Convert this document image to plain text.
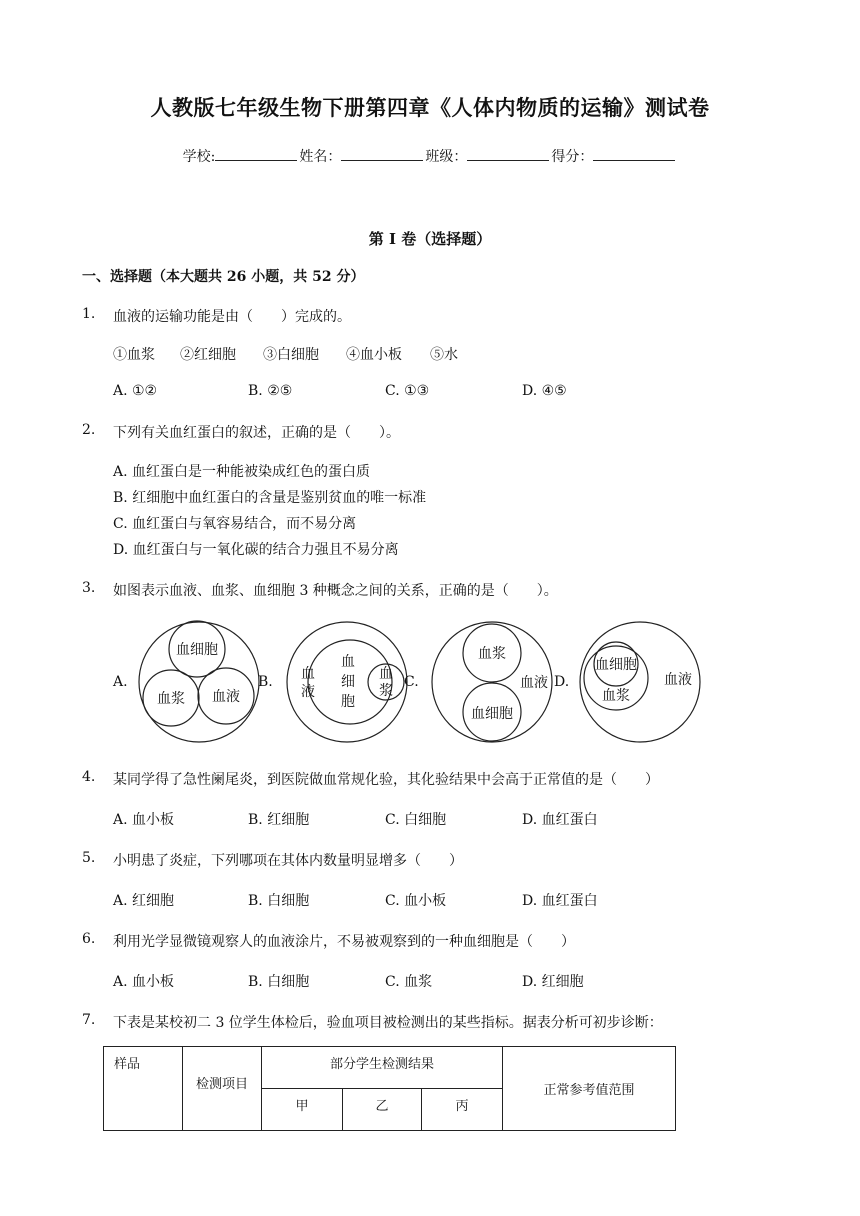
人教版七年级生物下册第四章《人体内物质的运输》测试卷
学校:	姓名：	班级：	得分：
第 I 卷（选择题）
一、选择题（本大题共 26 小题，共 52 分）
1. 血液的运输功能是由（　　）完成的。
①血浆 ②红细胞 ③白细胞 ④血小板 ⑤水
A. ①②	B. ②⑤	C. ①③	D. ④⑤
2. 下列有关血红蛋白的叙述，正确的是（　　）。
A. 血红蛋白是一种能被染成红色的蛋白质
B. 红细胞中血红蛋白的含量是鉴别贫血的唯一标准
C. 血红蛋白与氧容易结合，而不易分离
D. 血红蛋白与一氧化碳的结合力强且不易分离
3. 如图表示血液、血浆、血细胞 3 种概念之间的关系，正确的是（　　）。
A.
血细胞
血浆 血液
B. 血
液
血
细
胞
血
浆
C.
血浆
血液
血细胞
D.
血细胞
血浆
血液
4. 某同学得了急性阑尾炎，到医院做血常规化验，其化验结果中会高于正常值的是（　　）
A. 血小板	B. 红细胞	C. 白细胞	D. 血红蛋白
5. 小明患了炎症，下列哪项在其体内数量明显增多（　　）
A. 红细胞	B. 白细胞	C. 血小板	D. 血红蛋白
6. 利用光学显微镜观察人的血液涂片，不易被观察到的一种血细胞是（　　）
A. 血小板	B. 白细胞	C. 血浆	D. 红细胞
7. 下表是某校初二 3 位学生体检后，验血项目被检测出的某些指标。据表分析可初步诊断：
样品	检测项目	部分学生检测结果			正常参考值范围
		甲	乙	丙	
